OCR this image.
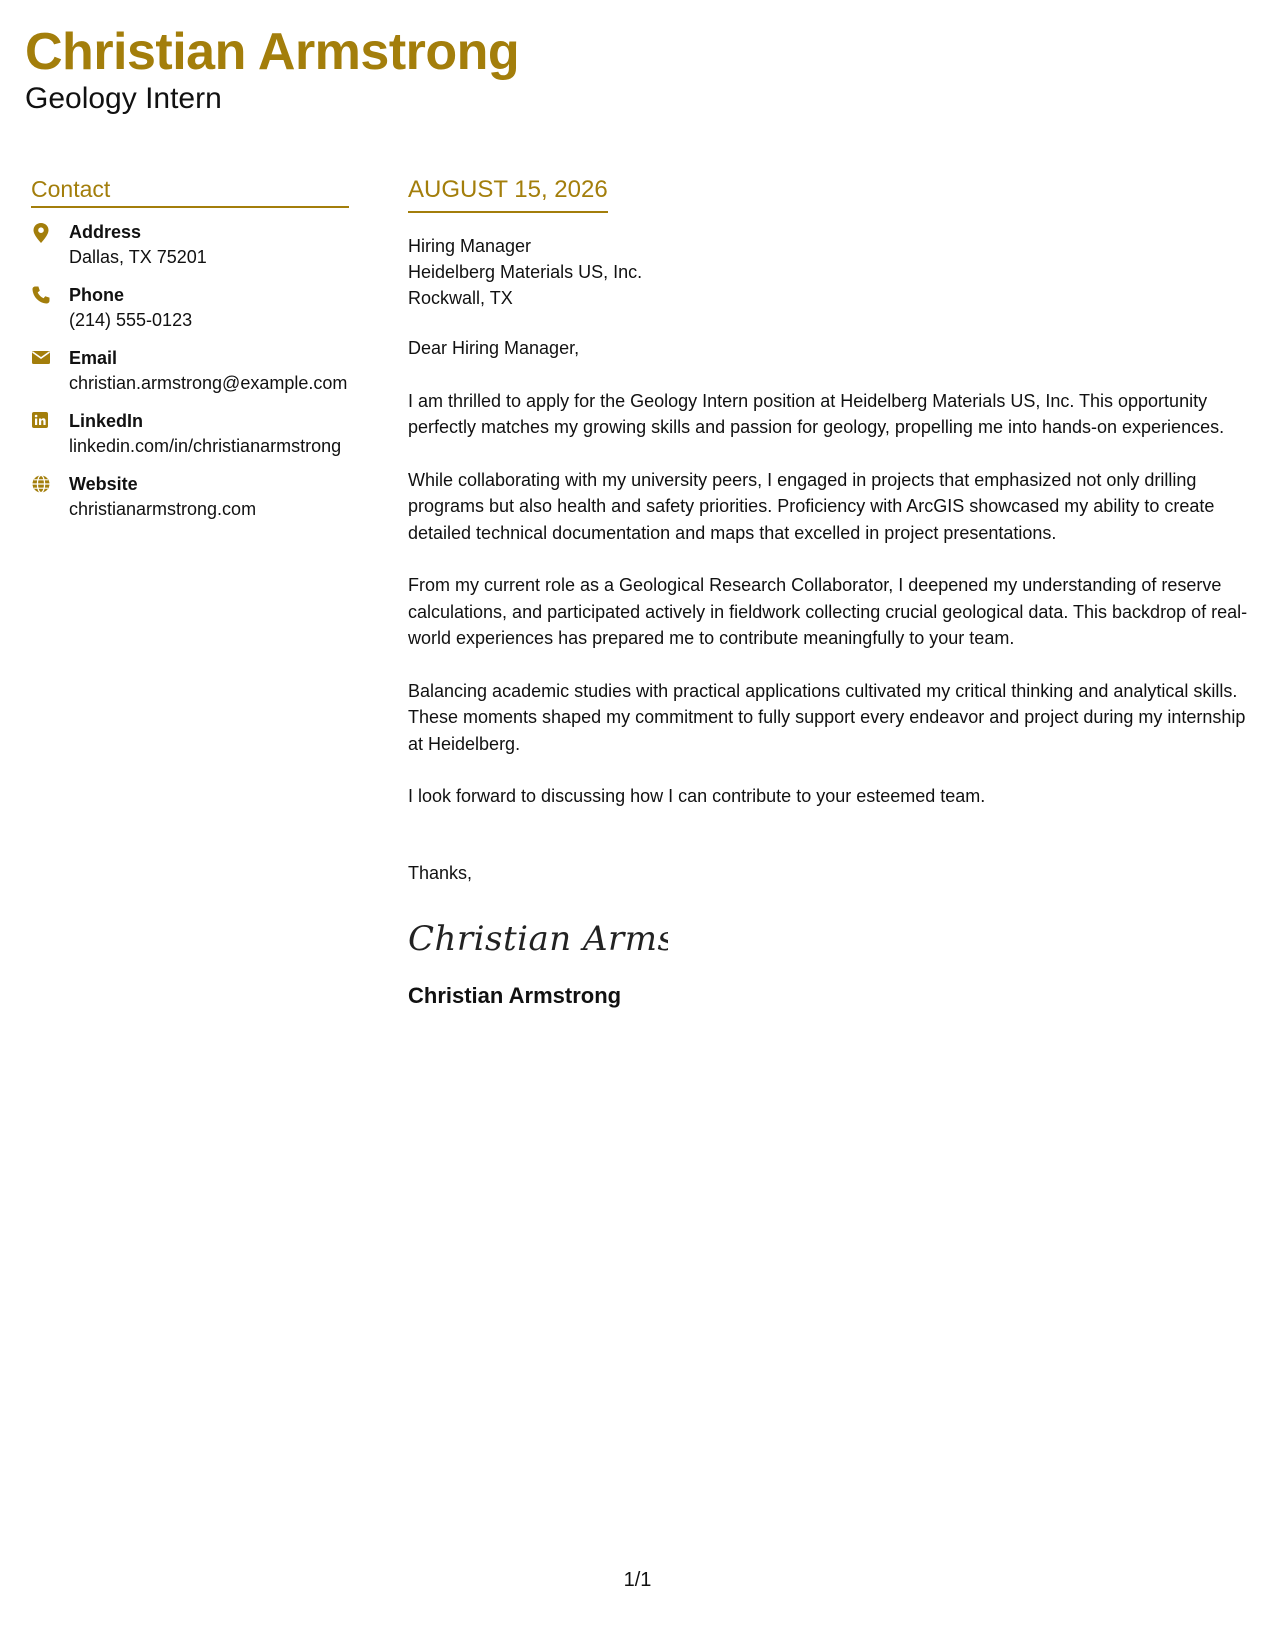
Christian Armstrong
Geology Intern
Contact
Address
Dallas, TX 75201
Phone
(214) 555-0123
Email
christian.armstrong@example.com
LinkedIn
linkedin.com/in/christianarmstrong
Website
christianarmstrong.com
AUGUST 15, 2026
Hiring Manager
Heidelberg Materials US, Inc.
Rockwall, TX
Dear Hiring Manager,
I am thrilled to apply for the Geology Intern position at Heidelberg Materials US, Inc. This opportunity perfectly matches my growing skills and passion for geology, propelling me into hands-on experiences.
While collaborating with my university peers, I engaged in projects that emphasized not only drilling programs but also health and safety priorities. Proficiency with ArcGIS showcased my ability to create detailed technical documentation and maps that excelled in project presentations.
From my current role as a Geological Research Collaborator, I deepened my understanding of reserve calculations, and participated actively in fieldwork collecting crucial geological data. This backdrop of real-world experiences has prepared me to contribute meaningfully to your team.
Balancing academic studies with practical applications cultivated my critical thinking and analytical skills. These moments shaped my commitment to fully support every endeavor and project during my internship at Heidelberg.
I look forward to discussing how I can contribute to your esteemed team.
Thanks,
Christian Armst
Christian Armstrong
1/1
